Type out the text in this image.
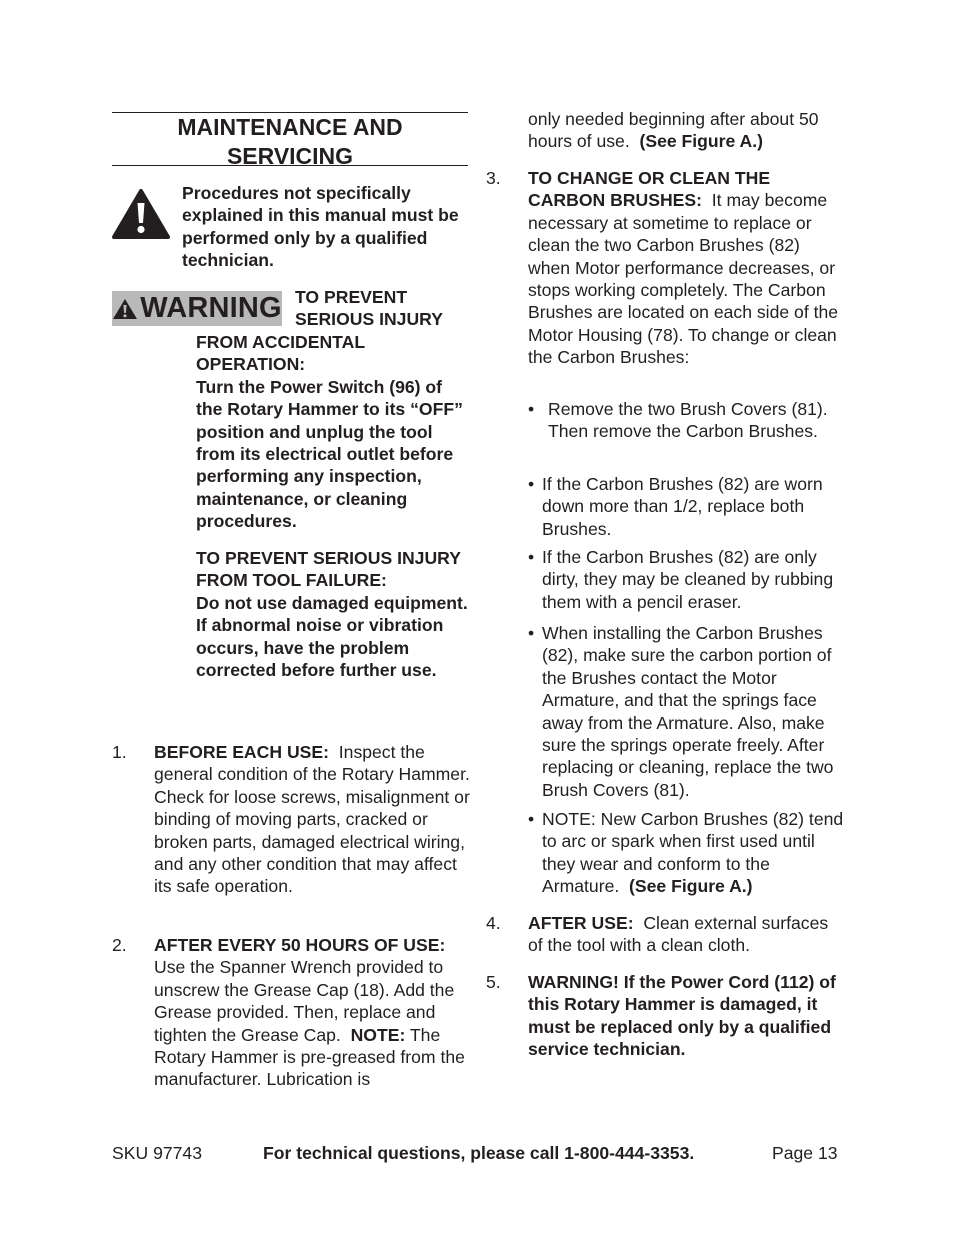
MAINTENANCE AND SERVICING

Procedures not specifically explained in this manual must be performed only by a qualified technician.

WARNING TO PREVENT SERIOUS INJURY

FROM ACCIDENTAL OPERATION:

Turn the Power Switch (96) of the Rotary Hammer to its “OFF” position and unplug the tool from its electrical outlet before performing any inspection, maintenance, or cleaning procedures.

TO PREVENT SERIOUS INJURY FROM TOOL FAILURE:

Do not use damaged equipment. If abnormal noise or vibration occurs, have the problem corrected before further use.

1.	BEFORE EACH USE: Inspect the general condition of the Rotary Hammer. Check for loose screws, misalignment or binding of moving parts, cracked or broken parts, damaged electrical wiring, and any other condition that may affect its safe operation.

2.	AFTER EVERY 50 HOURS OF USE: Use the Spanner Wrench provided to unscrew the Grease Cap (18). Add the Grease provided. Then, replace and tighten the Grease Cap. NOTE: The Rotary Hammer is pre-greased from the manufacturer. Lubrication is

only needed beginning after about 50 hours of use. (See Figure A.)

3.	TO CHANGE OR CLEAN THE CARBON BRUSHES: It may become necessary at sometime to replace or clean the two Carbon Brushes (82) when Motor performance decreases, or stops working completely. The Carbon Brushes are located on each side of the Motor Housing (78). To change or clean the Carbon Brushes:

• Remove the two Brush Covers (81). Then remove the Carbon Brushes.
• If the Carbon Brushes (82) are worn down more than 1/2, replace both Brushes.
• If the Carbon Brushes (82) are only dirty, they may be cleaned by rubbing them with a pencil eraser.
• When installing the Carbon Brushes (82), make sure the carbon portion of the Brushes contact the Motor Armature, and that the springs face away from the Armature. Also, make sure the springs operate freely. After replacing or cleaning, replace the two Brush Covers (81).
• NOTE: New Carbon Brushes (82) tend to arc or spark when first used until they wear and conform to the Armature. (See Figure A.)
4.	AFTER USE: Clean external surfaces of the tool with a clean cloth.

5.	WARNING! If the Power Cord (112) of this Rotary Hammer is damaged, it must be replaced only by a qualified service technician.

SKU 97743	For technical questions, please call 1-800-444-3353.	Page 13
